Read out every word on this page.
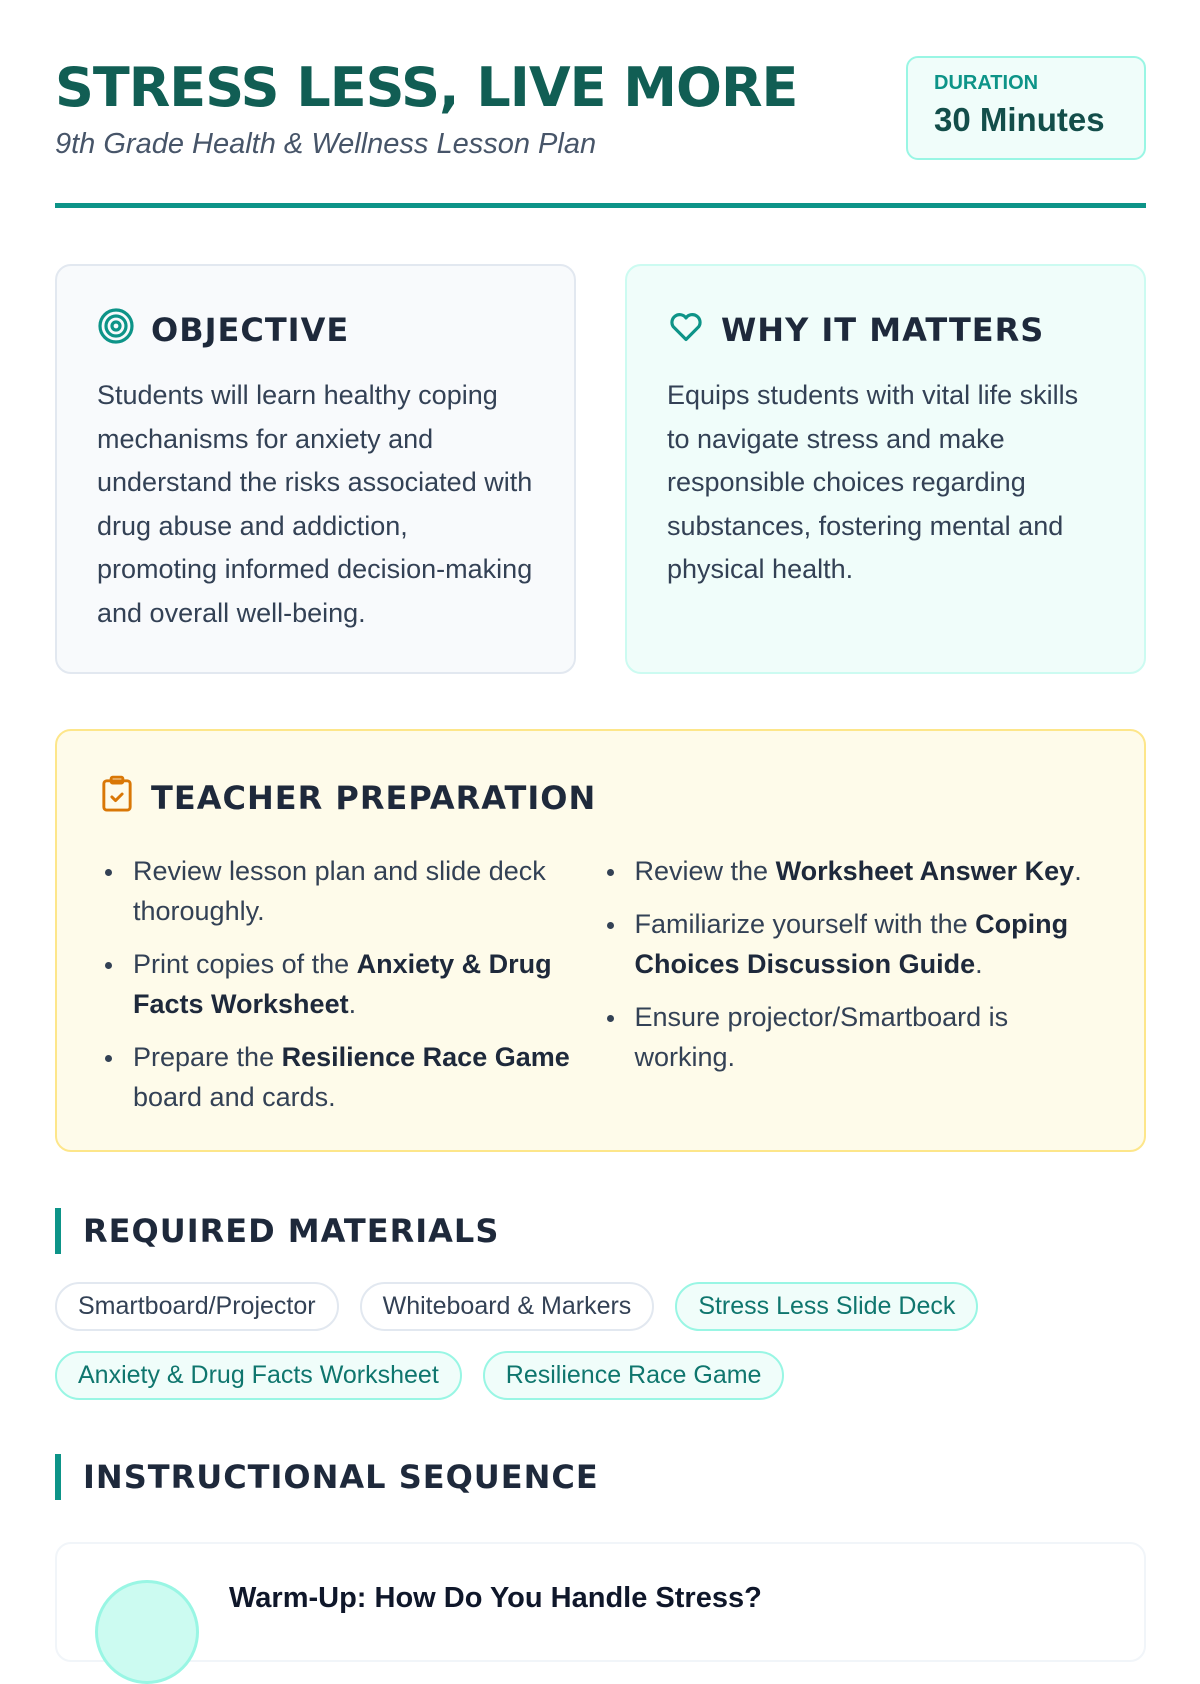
STRESS LESS, LIVE MORE
9th Grade Health & Wellness Lesson Plan
DURATION
30 Minutes
OBJECTIVE

Students will learn healthy coping mechanisms for anxiety and understand the risks associated with drug abuse and addiction, promoting informed decision-making and overall well-being.

WHY IT MATTERS

Equips students with vital life skills to navigate stress and make responsible choices regarding substances, fostering mental and physical health.

TEACHER PREPARATION
Review lesson plan and slide deck thoroughly.
Print copies of the Anxiety & Drug Facts Worksheet.
Prepare the Resilience Race Game board and cards.
Review the Worksheet Answer Key.
Familiarize yourself with the Coping Choices Discussion Guide.
Ensure projector/Smartboard is working.
REQUIRED MATERIALS
Smartboard/Projector	Whiteboard & Markers	Stress Less Slide Deck
Anxiety & Drug Facts Worksheet	Resilience Race Game
INSTRUCTIONAL SEQUENCE
Warm-Up: How Do You Handle Stress?
